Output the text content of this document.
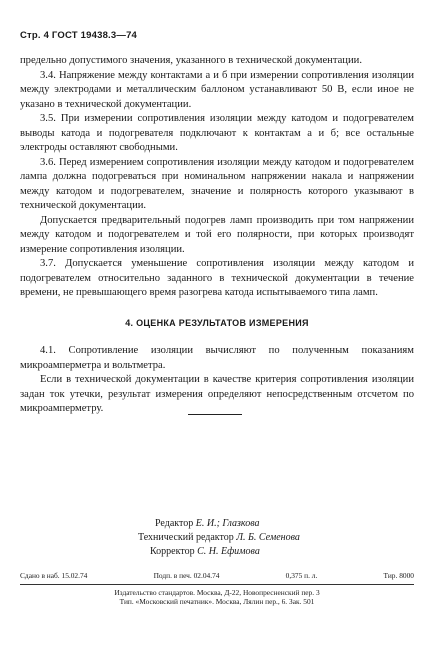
Стр. 4 ГОСТ 19438.3—74

предельно допустимого значения, указанного в технической документации.

3.4. Напряжение между контактами а и б при измерении сопротивления изоляции между электродами и металлическим баллоном устанавливают 50 В, если иное не указано в технической документации.

3.5. При измерении сопротивления изоляции между катодом и подогревателем выводы катода и подогревателя подключают к контактам а и б; все остальные электроды оставляют свободными.

3.6. Перед измерением сопротивления изоляции между катодом и подогревателем лампа должна подогреваться при номинальном напряжении накала и напряжении между катодом и подогревателем, значение и полярность которого указывают в технической документации.

Допускается предварительный подогрев ламп производить при том напряжении между катодом и подогревателем и той его полярности, при которых производят измерение сопротивления изоляции.

3.7. Допускается уменьшение сопротивления изоляции между катодом и подогревателем относительно заданного в технической документации в течение времени, не превышающего время разогрева катода испытываемого типа ламп.

4. ОЦЕНКА РЕЗУЛЬТАТОВ ИЗМЕРЕНИЯ

4.1. Сопротивление изоляции вычисляют по полученным показаниям микроамперметра и вольтметра.

Если в технической документации в качестве критерия сопротивления изоляции задан ток утечки, результат измерения определяют непосредственным отсчетом по микроамперметру.

Редактор Е. И.; Глазкова
Технический редактор Л. Б. Семенова
Корректор С. Н. Ефимова
Сдано в наб. 15.02.74	Подп. в печ. 02.04.74	0,375 п. л.	Тир. 8000
Издательство стандартов. Москва, Д-22, Новопресненский пер. 3
Тип. «Московский печатник». Москва, Лялин пер., 6. Зак. 501
